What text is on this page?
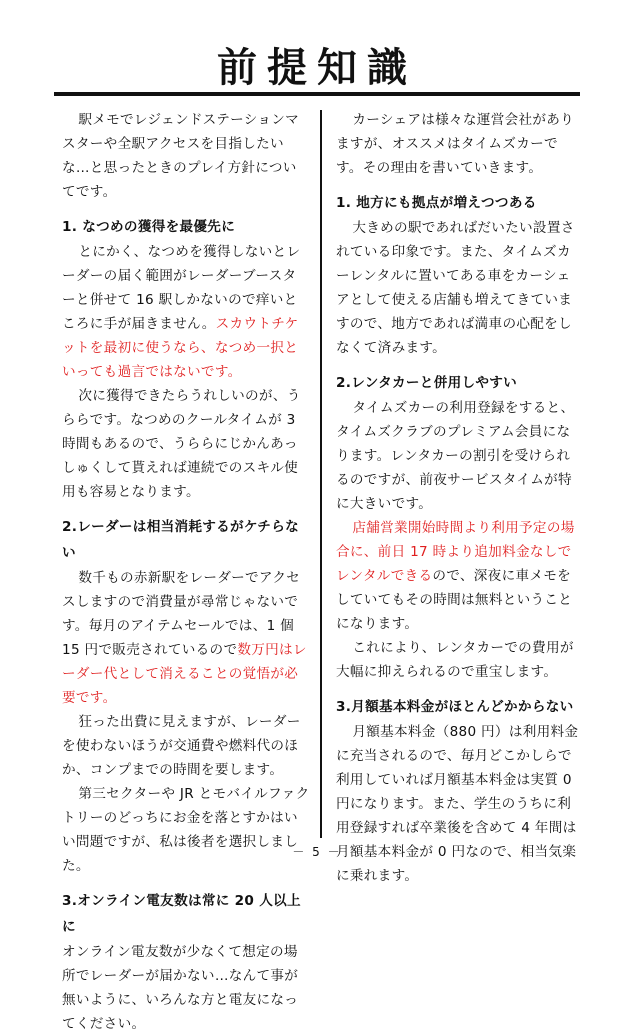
前提知識

駅メモでレジェンドステーションマスターや全駅アクセスを目指したいな…と思ったときのプレイ方針についてです。

1. なつめの獲得を最優先に

とにかく、なつめを獲得しないとレーダーの届く範囲がレーダーブースターと併せて 16 駅しかないので痒いところに手が届きません。スカウトチケットを最初に使うなら、なつめ一択といっても過言ではないです。

次に獲得できたらうれしいのが、うららです。なつめのクールタイムが 3 時間もあるので、うららにじかんあっしゅくして貰えれば連続でのスキル使用も容易となります。

2.レーダーは相当消耗するがケチらない

数千もの赤新駅をレーダーでアクセスしますので消費量が尋常じゃないです。毎月のアイテムセールでは、1 個 15 円で販売されているので数万円はレーダー代として消えることの覚悟が必要です。

狂った出費に見えますが、レーダーを使わないほうが交通費や燃料代のほか、コンプまでの時間を要します。

第三セクターや JR とモバイルファクトリーのどっちにお金を落とすかはいい問題ですが、私は後者を選択しました。

3.オンライン電友数は常に 20 人以上に

オンライン電友数が少なくて想定の場所でレーダーが届かない…なんて事が無いように、いろんな方と電友になってください。

カーシェアは様々な運営会社がありますが、オススメはタイムズカーです。その理由を書いていきます。

1. 地方にも拠点が増えつつある

大きめの駅であればだいたい設置されている印象です。また、タイムズカーレンタルに置いてある車をカーシェアとして使える店舗も増えてきていますので、地方であれば満車の心配をしなくて済みます。

2.レンタカーと併用しやすい

タイムズカーの利用登録をすると、タイムズクラブのプレミアム会員になります。レンタカーの割引を受けられるのですが、前夜サービスタイムが特に大きいです。

店舗営業開始時間より利用予定の場合に、前日 17 時より追加料金なしでレンタルできるので、深夜に車メモをしていてもその時間は無料ということになります。

これにより、レンタカーでの費用が大幅に抑えられるので重宝します。

3.月額基本料金がほとんどかからない

月額基本料金（880 円）は利用料金に充当されるので、毎月どこかしらで利用していれば月額基本料金は実質 0 円になります。また、学生のうちに利用登録すれば卒業後を含めて 4 年間は月額基本料金が 0 円なので、相当気楽に乗れます。

－ 5 －
